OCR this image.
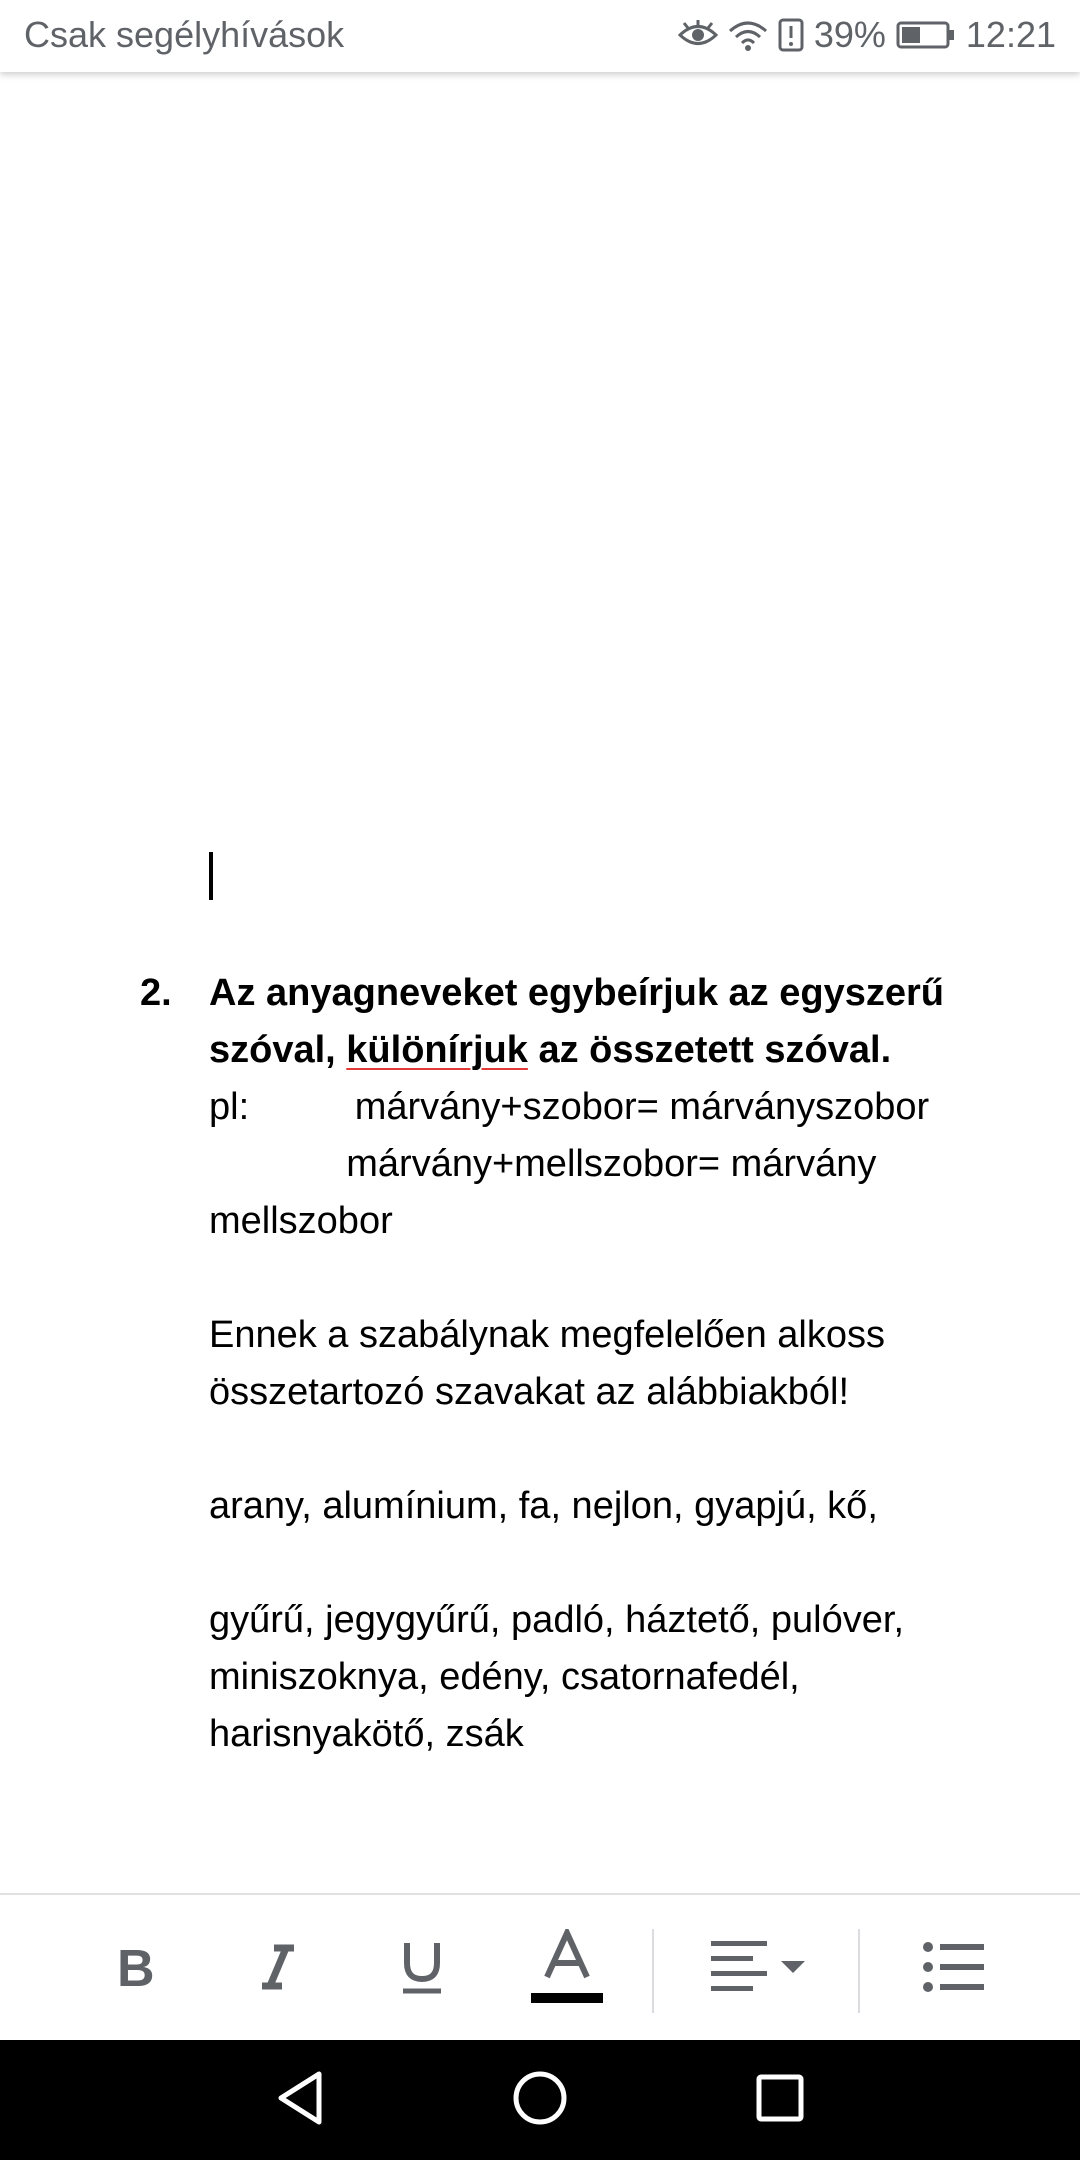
Csak segélyhívások	39% 12:21
2. Az anyagneveket egybeírjuk az egyszerű szóval, különírjuk az összetett szóval.
pl:          márvány+szobor= márványszobor
márvány+mellszobor= márvány
mellszobor
Ennek a szabálynak megfelelően alkoss összetartozó szavakat az alábbiakból!
arany, alumínium, fa, nejlon, gyapjú, kő,
gyűrű, jegygyűrű, padló, háztető, pulóver, miniszoknya, edény, csatornafedél, harisnyakötő, zsák
B
